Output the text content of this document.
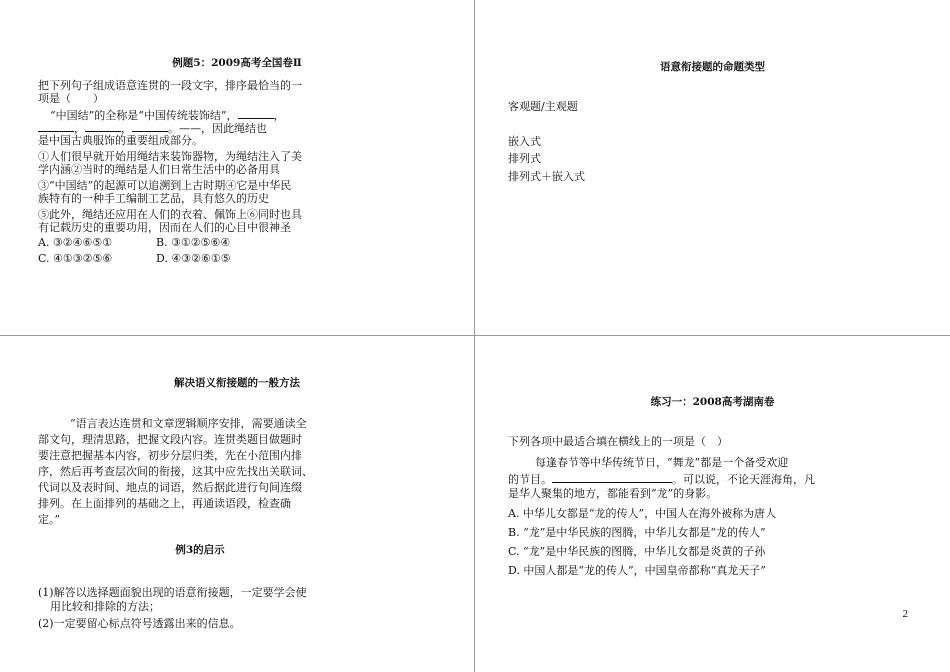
例题5：2009高考全国卷Ⅱ
把下列句子组成语意连贯的一段文字，排序最恰当的一
项是（　　）
“中国结”的全称是“中国传统装饰结”，	，
，	，	。——，因此绳结也
是中国古典服饰的重要组成部分。
①人们很早就开始用绳结来装饰器物，为绳结注入了美
学内涵②当时的绳结是人们日常生活中的必备用具
③“中国结”的起源可以追溯到上古时期④它是中华民
族特有的一种手工编制工艺品，具有悠久的历史
⑤此外，绳结还应用在人们的衣着、佩饰上⑥同时也具
有记载历史的重要功用，因而在人们的心目中很神圣
A. ③②④⑥⑤①	B. ③①②⑤⑥④
C. ④①③②⑤⑥	D. ④③②⑥①⑤
语意衔接题的命题类型
客观题/主观题
嵌入式
排列式
排列式＋嵌入式
解决语义衔接题的一般方法
“语言表达连贯和文章逻辑顺序安排，需要通读全
部文句，理清思路，把握文段内容。连贯类题目做题时
要注意把握基本内容，初步分层归类，先在小范围内排
序，然后再考查层次间的衔接，这其中应先找出关联词、
代词以及表时间、地点的词语，然后据此进行句间连缀
排列。在上面排列的基础之上，再通读语段，检查确
定。”
例3的启示
(1)解答以选择题面貌出现的语意衔接题，一定要学会使
用比较和排除的方法；
(2)一定要留心标点符号透露出来的信息。
练习一：2008高考湖南卷
下列各项中最适合填在横线上的一项是（　）
每逢春节等中华传统节日，“舞龙”都是一个备受欢迎
的节目。	。可以说，不论天涯海角，凡
是华人聚集的地方，都能看到“龙”的身影。
A. 中华儿女都是“龙的传人”，中国人在海外被称为唐人
B. “龙”是中华民族的图腾，中华儿女都是“龙的传人”
C. “龙”是中华民族的图腾，中华儿女都是炎黄的子孙
D. 中国人都是“龙的传人”，中国皇帝都称“真龙天子”
2
